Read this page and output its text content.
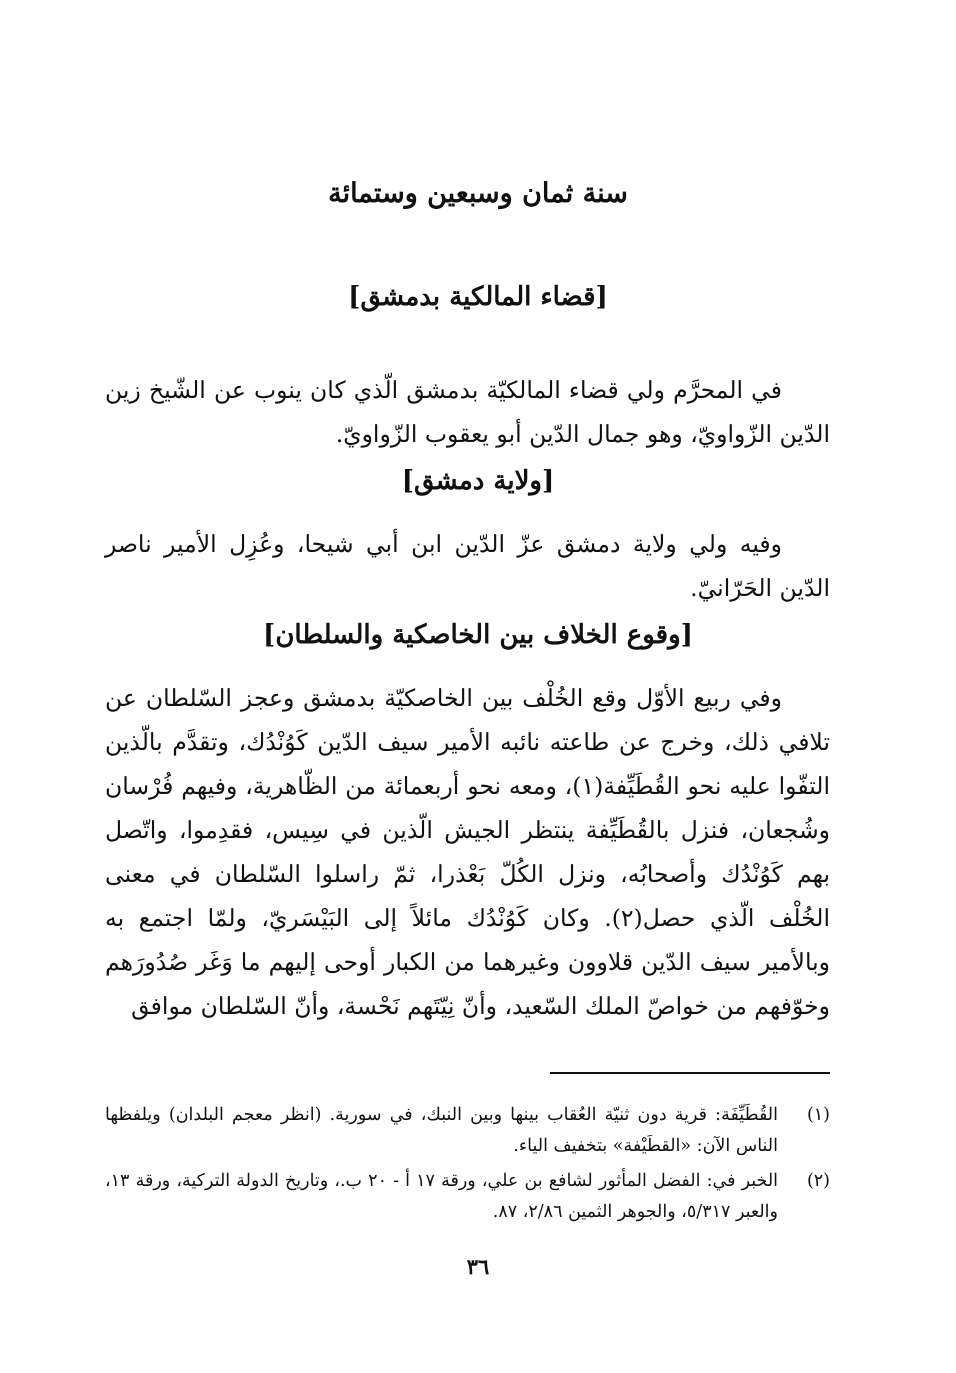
سنة ثمان وسبعين وستمائة
[قضاء المالكية بدمشق]

في المحرَّم ولي قضاء المالكيّة بدمشق الّذي كان ينوب عن الشّيخ زين الدّين الزّواويّ، وهو جمال الدّين أبو يعقوب الزّواويّ.

[ولاية دمشق]

وفيه ولي ولاية دمشق عزّ الدّين ابن أبي شيحا، وعُزِل الأمير ناصر الدّين الحَرّانيّ.

[وقوع الخلاف بين الخاصكية والسلطان]

وفي ربيع الأوّل وقع الخُلْف بين الخاصكيّة بدمشق وعجز السّلطان عن تلافي ذلك، وخرج عن طاعته نائبه الأمير سيف الدّين كَوُنْدُك، وتقدَّم بالّذين التفّوا عليه نحو القُطَيِّفة(١)، ومعه نحو أربعمائة من الظّاهرية، وفيهم فُرْسان وشُجعان، فنزل بالقُطَيِّفة ينتظر الجيش الّذين في سِيس، فقدِموا، واتّصل بهم كَوُنْدُك وأصحابُه، ونزل الكُلّ بَعْذرا، ثمّ راسلوا السّلطان في معنى الخُلْف الّذي حصل(٢). وكان كَوُنْدُك مائلاً إلى البَيْسَريّ، ولمّا اجتمع به وبالأمير سيف الدّين قلاوون وغيرهما من الكبار أوحى إليهم ما وَغَر صُدُورَهم وخوّفهم من خواصّ الملك السّعيد، وأنّ نِيّتَهم نَحْسة، وأنّ السّلطان موافق

(١)
القُطَيِّفَة: قرية دون ثنيّة العُقاب بينها وبين النبك، في سورية. (انظر معجم البلدان) ويلفظها الناس الآن: «القطَيْفة» بتخفيف الياء.
(٢)
الخبر في: الفضل المأثور لشافع بن علي، ورقة ١٧ أ - ٢٠ ب.، وتاريخ الدولة التركية، ورقة ١٣، والعبر ٥/٣١٧، والجوهر الثمين ٢/٨٦، ٨٧.
٣٦
